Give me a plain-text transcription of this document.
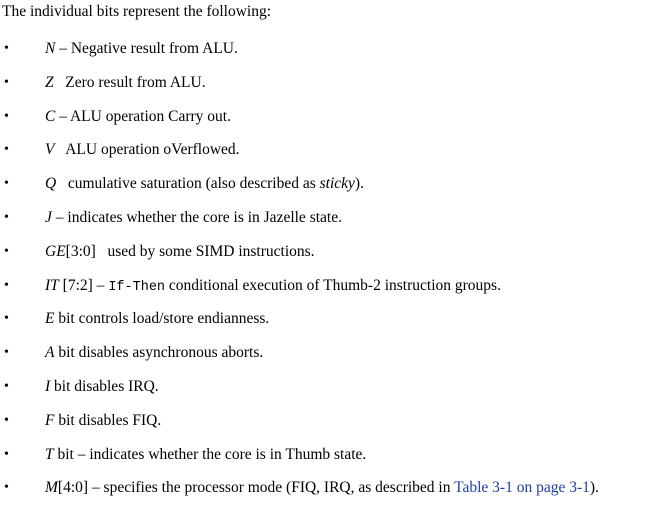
The individual bits represent the following:
• N – Negative result from ALU.
• Z   Zero result from ALU.
• C – ALU operation Carry out.
• V   ALU operation oVerflowed.
• Q   cumulative saturation (also described as sticky).
• J – indicates whether the core is in Jazelle state.
• GE[3:0]   used by some SIMD instructions.
• IT [7:2] – If-Then conditional execution of Thumb-2 instruction groups.
• E bit controls load/store endianness.
• A bit disables asynchronous aborts.
• I bit disables IRQ.
• F bit disables FIQ.
• T bit – indicates whether the core is in Thumb state.
• M[4:0] – specifies the processor mode (FIQ, IRQ, as described in Table 3-1 on page 3-1).
